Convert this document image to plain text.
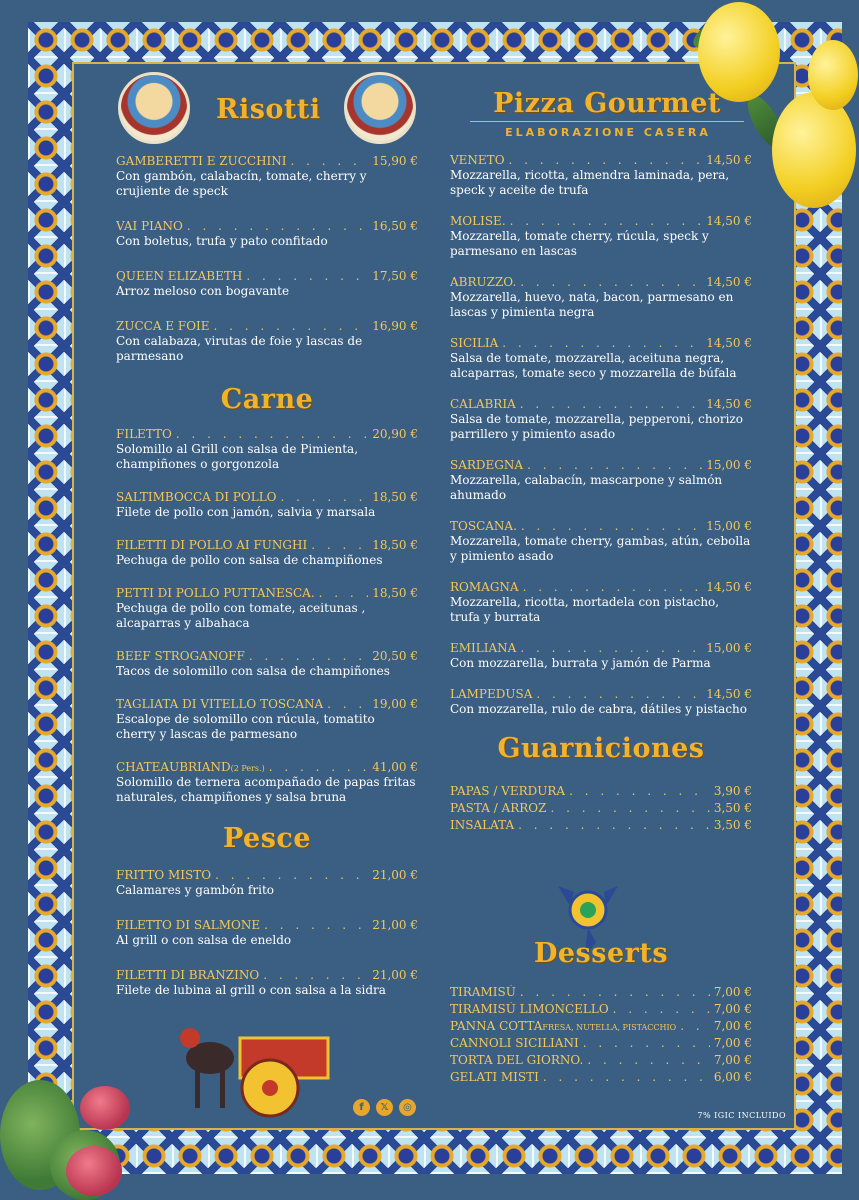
Risotti
GAMBERETTI E ZUCCHINI . . .	15,90 €
Con gambón, calabacín, tomate, cherry y crujiente de speck
VAI PIANO . . .	16,50 €
Con boletus, trufa y pato confitado
QUEEN ELIZABETH . . .	17,50 €
Arroz meloso con bogavante
ZUCCA E FOIE . . .	16,90 €
Con calabaza, virutas de foie y lascas de parmesano
Carne
FILETTO . . .	20,90 €
Solomillo al Grill con salsa de Pimienta, champiñones o gorgonzola
SALTIMBOCCA DI POLLO . . .	18,50 €
Filete de pollo con jamón, salvia y marsala
FILETTI DI POLLO AI FUNGHI . . .	18,50 €
Pechuga de pollo con salsa de champiñones
PETTI DI POLLO PUTTANESCA. . . .	18,50 €
Pechuga de pollo con tomate, aceitunas , alcaparras y albahaca
BEEF STROGANOFF . . .	20,50 €
Tacos de solomillo con salsa de champiñones
TAGLIATA DI VITELLO TOSCANA . . .	19,00 €
Escalope de solomillo con rúcula, tomatito cherry y lascas de parmesano
CHATEAUBRIAND (2 Pers.) . . .	41,00 €
Solomillo de ternera acompañado de papas fritas naturales, champiñones y salsa bruna
Pesce
FRITTO MISTO . . .	21,00 €
Calamares y gambón frito
FILETTO DI SALMONE . . .	21,00 €
Al grill o con salsa de eneldo
FILETTI DI BRANZINO . . .	21,00 €
Filete de lubina al grill o con salsa a la sidra
Pizza Gourmet
ELABORAZIONE CASERA
VENETO . . .	14,50 €
Mozzarella, ricotta, almendra laminada, pera, speck y aceite de trufa
MOLISE. . . .	14,50 €
Mozzarella, tomate cherry, rúcula, speck y parmesano en lascas
ABRUZZO. . . .	14,50 €
Mozzarella, huevo, nata, bacon, parmesano en lascas y pimienta negra
SICILIA . . .	14,50 €
Salsa de tomate, mozzarella, aceituna negra, alcaparras, tomate seco y mozzarella de búfala
CALABRIA . . .	14,50 €
Salsa de tomate, mozzarella, pepperoni, chorizo parrillero y pimiento asado
SARDEGNA . . .	15,00 €
Mozzarella, calabacín, mascarpone y salmón ahumado
TOSCANA. . . .	15,00 €
Mozzarella, tomate cherry, gambas, atún, cebolla y pimiento asado
ROMAGNA . . .	14,50 €
Mozzarella, ricotta, mortadela con pistacho, trufa y burrata
EMILIANA . . .	15,00 €
Con mozzarella, burrata y jamón de Parma
LAMPEDUSA . . .	14,50 €
Con mozzarella, rulo de cabra, dátiles y pistacho
Guarniciones
PAPAS / VERDURA . . .	3,90 €
PASTA / ARROZ . . .	3,50 €
INSALATA . . .	3,50 €
Desserts
TIRAMISÚ . . .	7,00 €
TIRAMISÚ LIMONCELLO . . .	7,00 €
PANNA COTTA FRESA, NUTELLA, PISTACCHIO . . .	7,00 €
CANNOLI SICILIANI . . .	7,00 €
TORTA DEL GIORNO. . . .	7,00 €
GELATI MISTI . . .	6,00 €
f	𝕏	◎
7% IGIC INCLUIDO
